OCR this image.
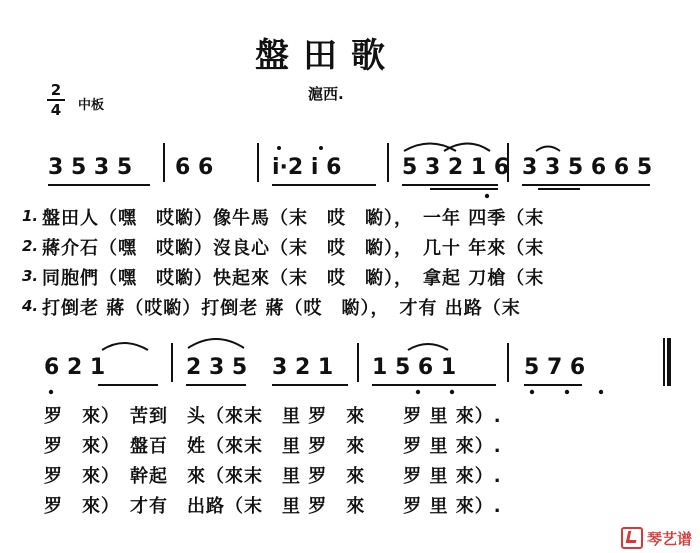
盤田歌
滬西.
2
4 中板
3 5 3 5 6 6	i·2 i 6	5 3 2 1 6 3 3 5 6 6 5
1. 盤田人（嘿　哎喲）像牛馬（末　哎　喲），　一年 四季（末
2. 蔣介石（嘿　哎喲）沒良心（末　哎　喲），　几十 年來（末
3. 同胞們（嘿　哎喲）快起來（末　哎　喲），　拿起 刀槍（末
4. 打倒老 蔣（哎喲）打倒老 蔣（哎　喲），　才有 出路（末
6 2 1	2 3 5 3 2 1 1 5 6 1	5 7 6
罗　來）　苦到　头（來末　里 罗　來　　罗 里 來）.
罗　來）　盤百　姓（來末　里 罗　來　　罗 里 來）.
罗　來）　幹起　來（來末　里 罗　來　　罗 里 來）.
罗　來）　才有　出路（末　里 罗　來　　罗 里 來）.
琴艺谱
